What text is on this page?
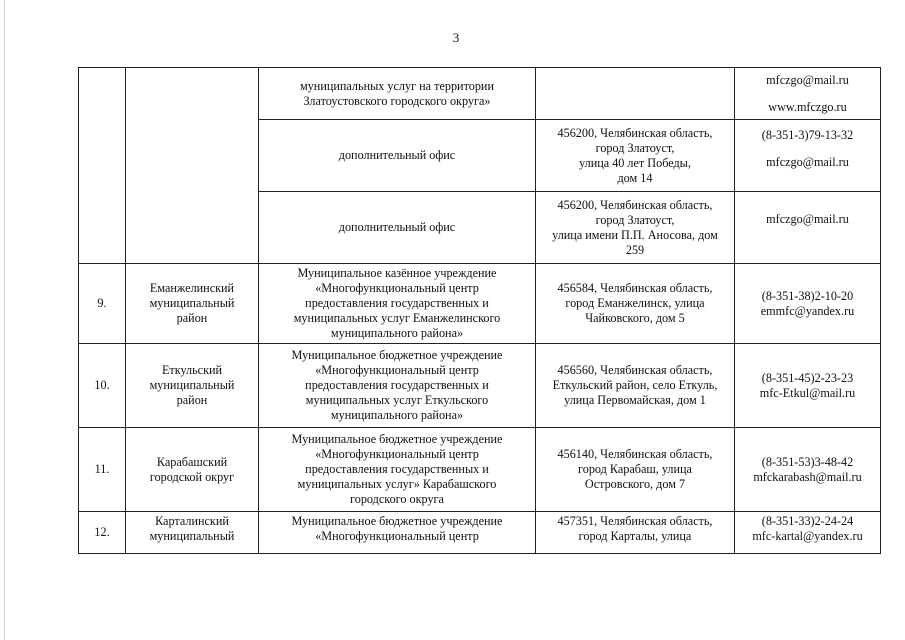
3

		муниципальных услуг на территории
Златоустовского городского округа»		mfczgo@mail.ru
www.mfczgo.ru

		дополнительный офис	456200, Челябинская область,
город Златоуст,
улица 40 лет Победы,
дом 14	(8-351-3)79-13-32
mfczgo@mail.ru

		дополнительный офис	456200, Челябинская область,
город Златоуст,
улица имени П.П. Аносова, дом
259	mfczgo@mail.ru

9.	Еманжелинский
муниципальный
район	Муниципальное казённое учреждение
«Многофункциональный центр
предоставления государственных и
муниципальных услуг Еманжелинского
муниципального района»	456584, Челябинская область,
город Еманжелинск, улица
Чайковского, дом 5	(8-351-38)2-10-20
emmfc@yandex.ru

10.	Еткульский
муниципальный
район	Муниципальное бюджетное учреждение
«Многофункциональный центр
предоставления государственных и
муниципальных услуг Еткульского
муниципального района»	456560, Челябинская область,
Еткульский район, село Еткуль,
улица Первомайская, дом 1	(8-351-45)2-23-23
mfc-Etkul@mail.ru

11.	Карабашский
городской округ	Муниципальное бюджетное учреждение
«Многофункциональный центр
предоставления государственных и
муниципальных услуг» Карабашского
городского округа	456140, Челябинская область,
город Карабаш, улица
Островского, дом 7	(8-351-53)3-48-42
mfckarabash@mail.ru

12.	Карталинский
муниципальный	Муниципальное бюджетное учреждение
«Многофункциональный центр	457351, Челябинская область,
город Карталы, улица	(8-351-33)2-24-24
mfc-kartal@yandex.ru
